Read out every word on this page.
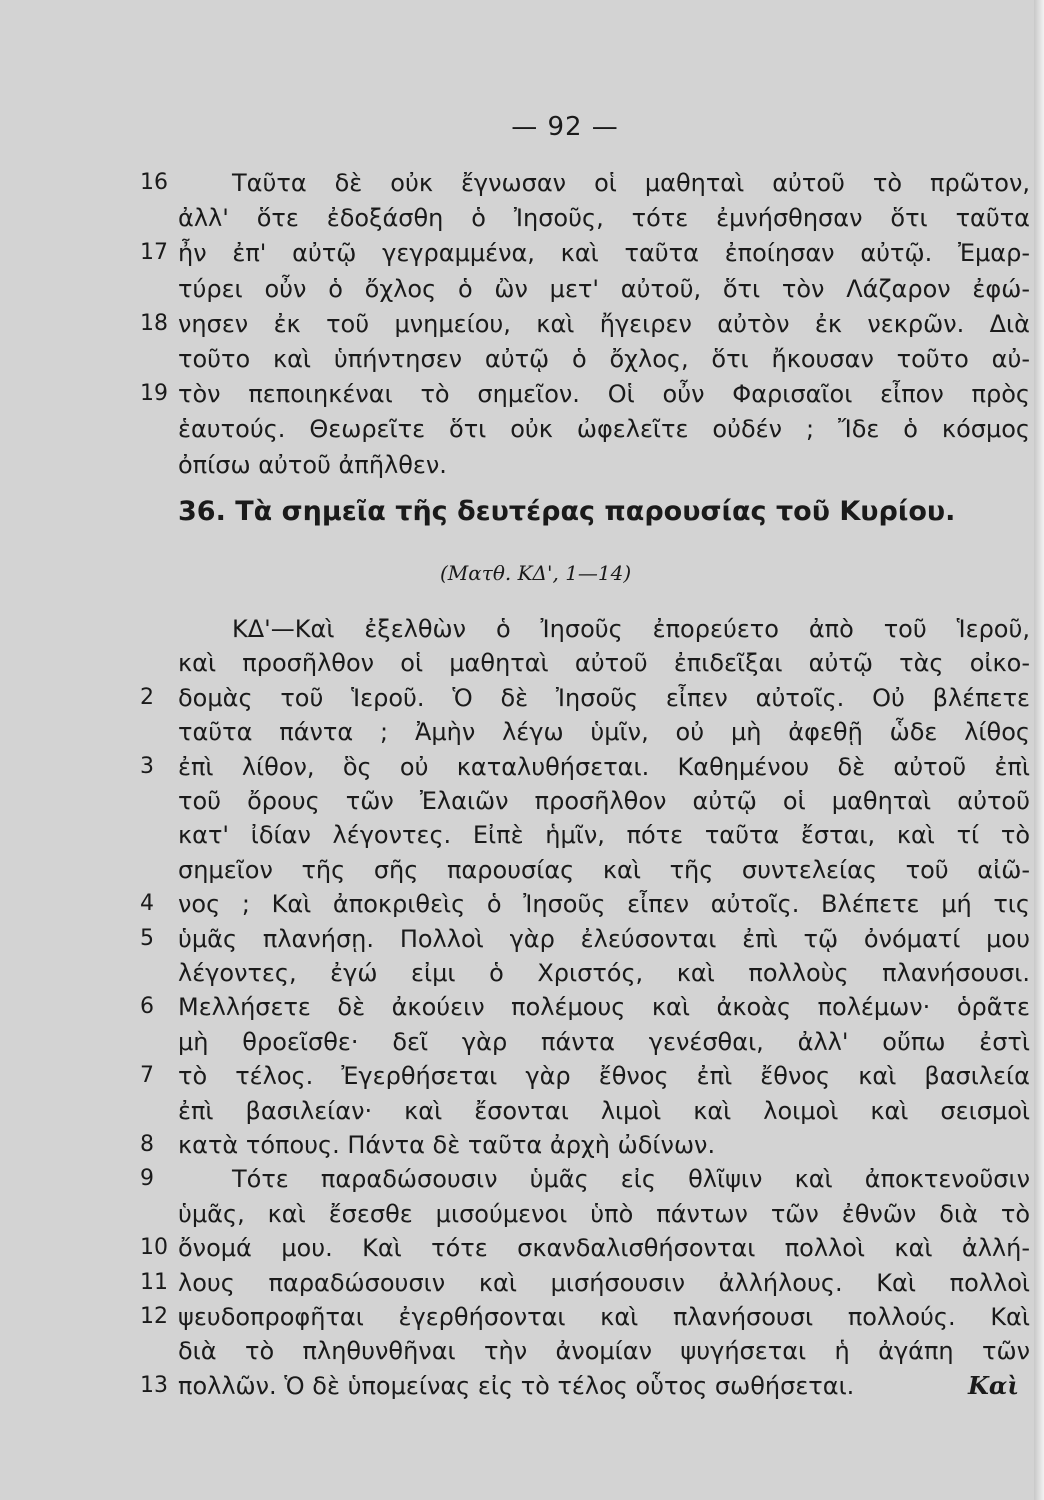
— 92 —
16	Ταῦτα δὲ οὐκ ἔγνωσαν οἱ μαθηταὶ αὐτοῦ τὸ πρῶτον,
ἀλλ' ὅτε ἐδοξάσθη ὁ Ἰησοῦς, τότε ἐμνήσθησαν ὅτι ταῦτα
17 ἦν ἐπ' αὐτῷ γεγραμμένα, καὶ ταῦτα ἐποίησαν αὐτῷ. Ἐμαρ-
τύρει οὖν ὁ ὄχλος ὁ ὢν μετ' αὐτοῦ, ὅτι τὸν Λάζαρον ἐφώ-
18 νησεν ἐκ τοῦ μνημείου, καὶ ἤγειρεν αὐτὸν ἐκ νεκρῶν. Διὰ
τοῦτο καὶ ὑπήντησεν αὐτῷ ὁ ὄχλος, ὅτι ἤκουσαν τοῦτο αὐ-
19 τὸν πεποιηκέναι τὸ σημεῖον. Οἱ οὖν Φαρισαῖοι εἶπον πρὸς
ἑαυτούς. Θεωρεῖτε ὅτι οὐκ ὠφελεῖτε οὐδέν ; Ἴδε ὁ κόσμος
ὀπίσω αὐτοῦ ἀπῆλθεν.
36. Τὰ σημεῖα τῆς δευτέρας παρουσίας τοῦ Κυρίου.
(Ματθ. ΚΔ', 1—14)
ΚΔ'—Καὶ ἐξελθὼν ὁ Ἰησοῦς ἐπορεύετο ἀπὸ τοῦ Ἱεροῦ,
καὶ προσῆλθον οἱ μαθηταὶ αὐτοῦ ἐπιδεῖξαι αὐτῷ τὰς οἰκο-
2	δομὰς τοῦ Ἱεροῦ. Ὁ δὲ Ἰησοῦς εἶπεν αὐτοῖς. Οὐ βλέπετε
ταῦτα πάντα ; Ἀμὴν λέγω ὑμῖν, οὐ μὴ ἀφεθῇ ὧδε λίθος
3	ἐπὶ λίθον, ὃς οὐ καταλυθήσεται. Καθημένου δὲ αὐτοῦ ἐπὶ
τοῦ ὄρους τῶν Ἐλαιῶν προσῆλθον αὐτῷ οἱ μαθηταὶ αὐτοῦ
κατ' ἰδίαν λέγοντες. Εἰπὲ ἡμῖν, πότε ταῦτα ἔσται, καὶ τί τὸ
σημεῖον τῆς σῆς παρουσίας καὶ τῆς συντελείας τοῦ αἰῶ-
4	νος ; Καὶ ἀποκριθεὶς ὁ Ἰησοῦς εἶπεν αὐτοῖς. Βλέπετε μή τις
5	ὑμᾶς πλανήσῃ. Πολλοὶ γὰρ ἐλεύσονται ἐπὶ τῷ ὀνόματί μου
λέγοντες, ἐγώ εἰμι ὁ Χριστός, καὶ πολλοὺς πλανήσουσι.
6	Μελλήσετε δὲ ἀκούειν πολέμους καὶ ἀκοὰς πολέμων· ὁρᾶτε
μὴ θροεῖσθε· δεῖ γὰρ πάντα γενέσθαι, ἀλλ' οὔπω ἐστὶ
7	τὸ τέλος. Ἐγερθήσεται γὰρ ἔθνος ἐπὶ ἔθνος καὶ βασιλεία
ἐπὶ βασιλείαν· καὶ ἔσονται λιμοὶ καὶ λοιμοὶ καὶ σεισμοὶ
8	κατὰ τόπους. Πάντα δὲ ταῦτα ἀρχὴ ὠδίνων.
9	Τότε παραδώσουσιν ὑμᾶς εἰς θλῖψιν καὶ ἀποκτενοῦσιν
ὑμᾶς, καὶ ἔσεσθε μισούμενοι ὑπὸ πάντων τῶν ἐθνῶν διὰ τὸ
10 ὄνομά μου. Καὶ τότε σκανδαλισθήσονται πολλοὶ καὶ ἀλλή-
11 λους παραδώσουσιν καὶ μισήσουσιν ἀλλήλους. Καὶ πολλοὶ
12 ψευδοπροφῆται ἐγερθήσονται καὶ πλανήσουσι πολλούς. Καὶ
διὰ τὸ πληθυνθῆναι τὴν ἀνομίαν ψυγήσεται ἡ ἀγάπη τῶν
13 πολλῶν. Ὁ δὲ ὑπομείνας εἰς τὸ τέλος οὗτος σωθήσεται.	Καὶ
